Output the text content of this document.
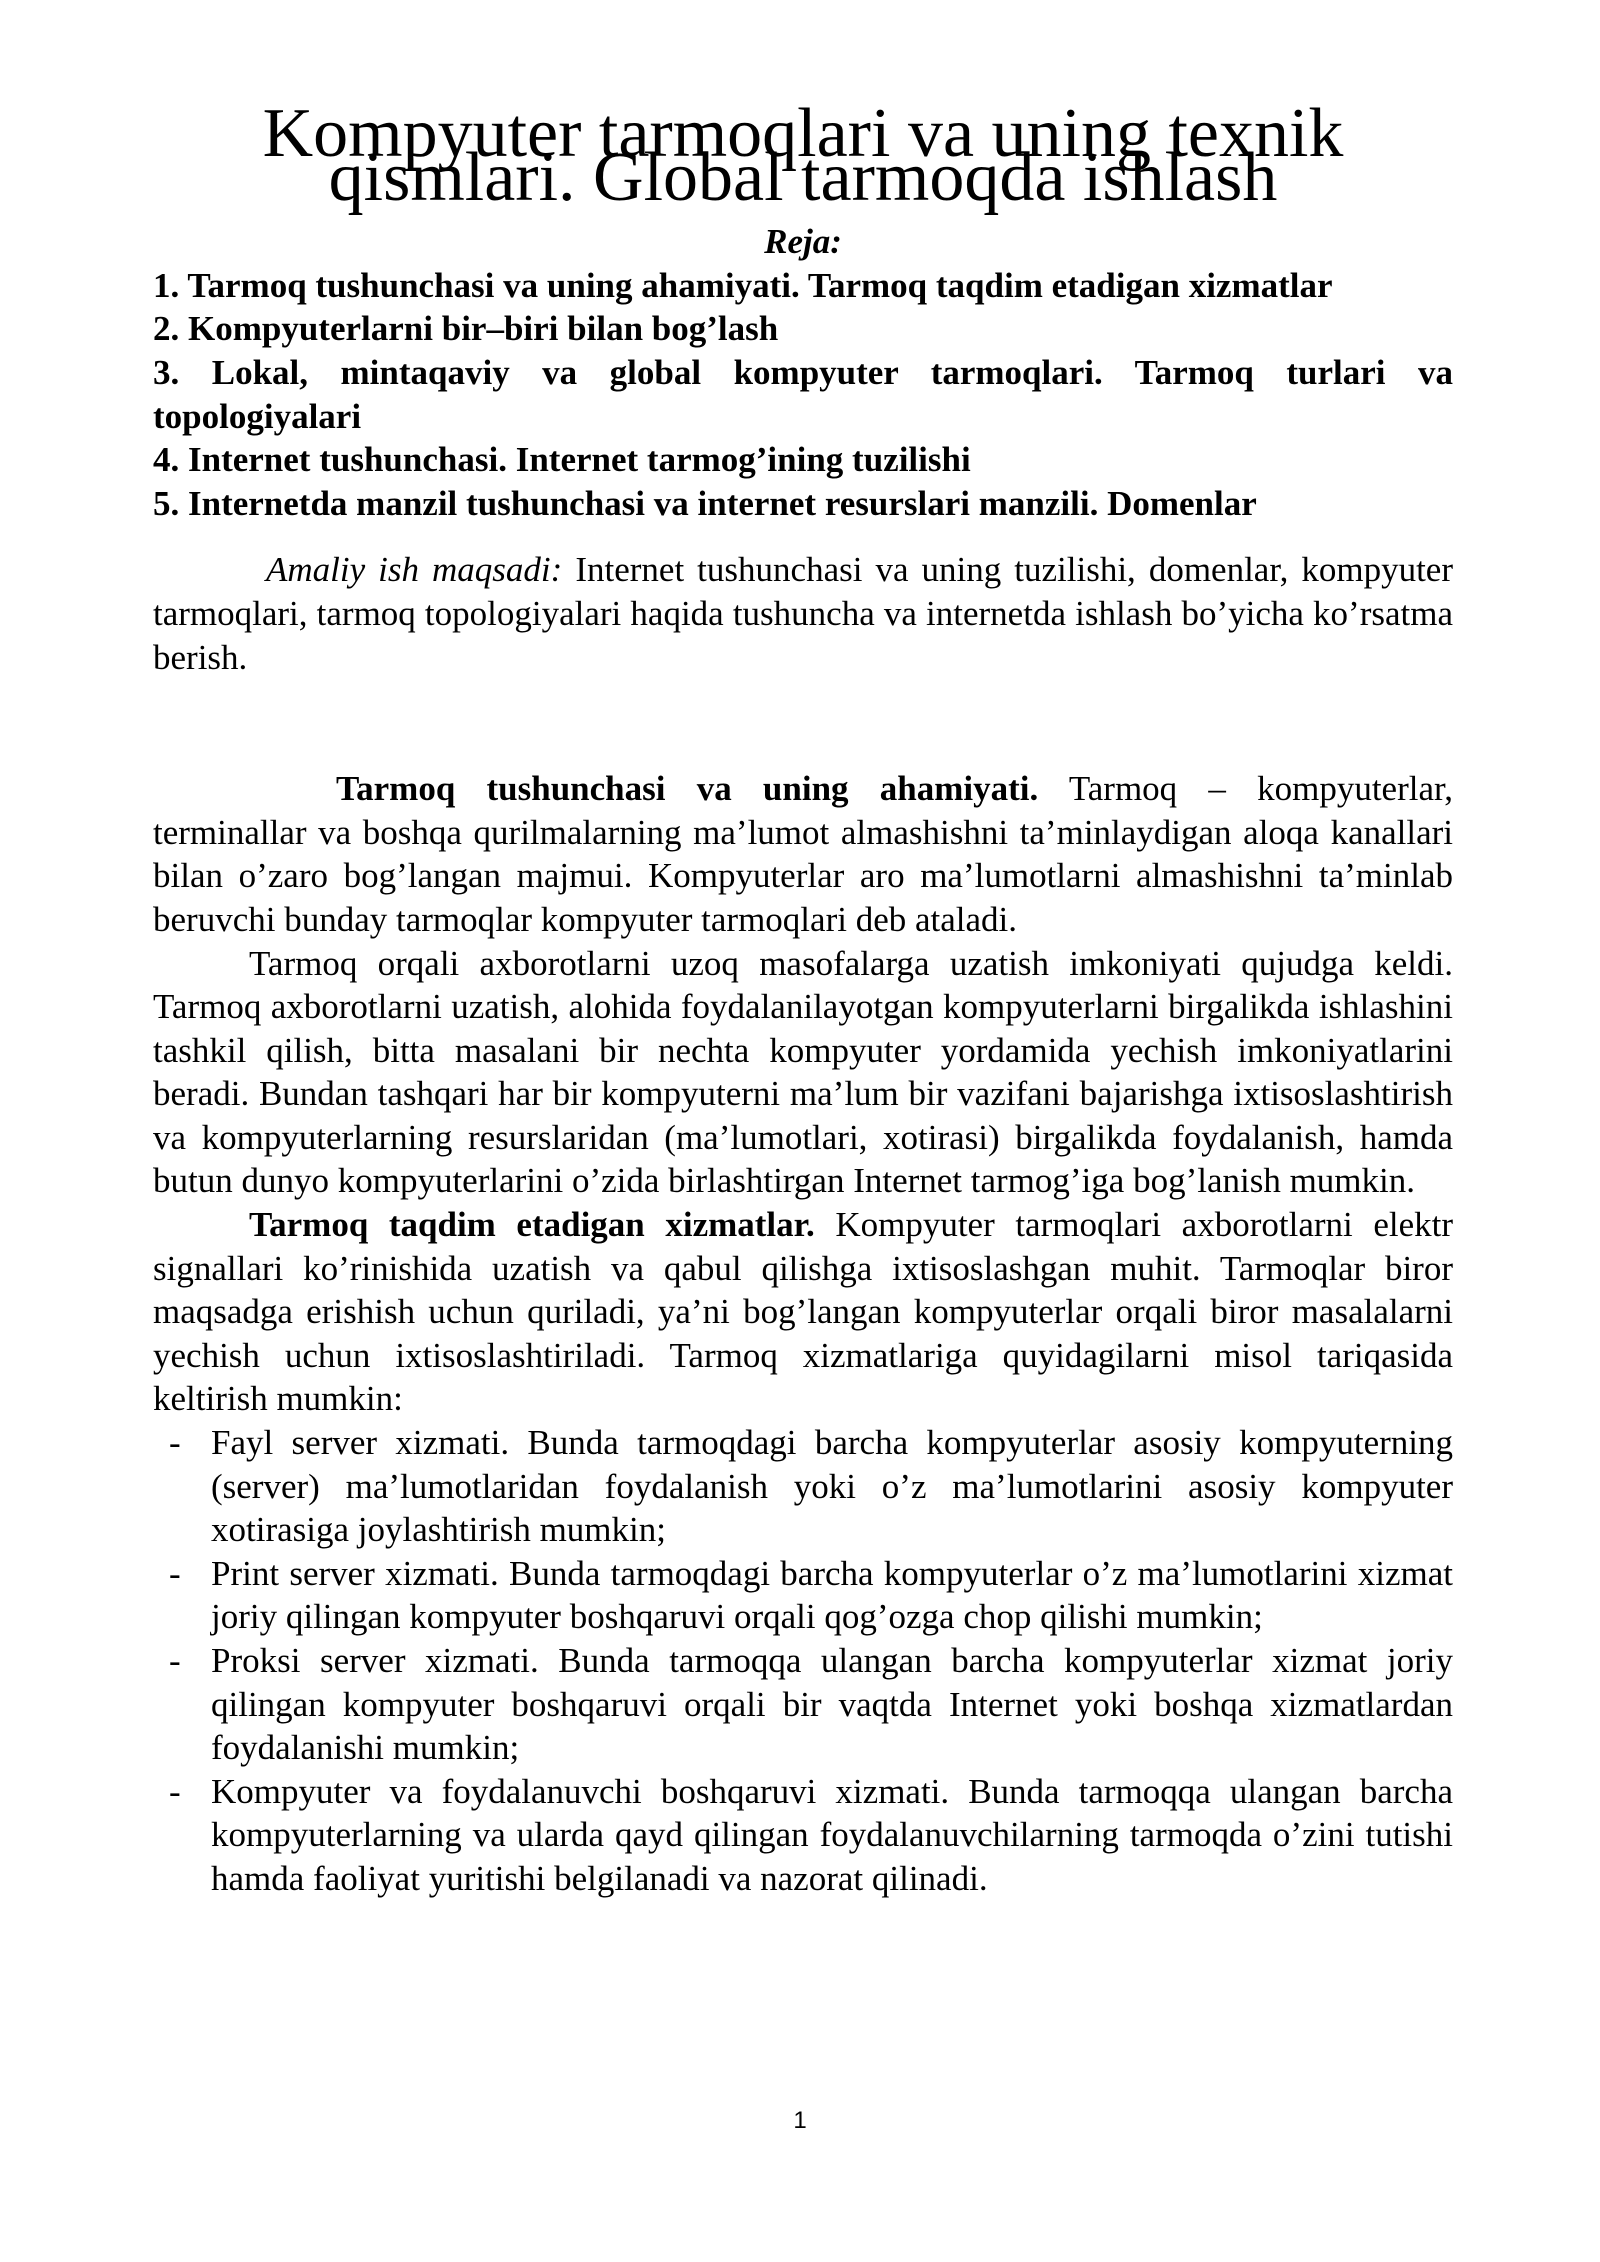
Kompyuter tarmoqlari va uning texnik qismlari. Global tarmoqda ishlash
Reja:
1. Tarmoq tushunchasi va uning ahamiyati. Tarmoq taqdim etadigan xizmatlar
2. Kompyuterlarni bir–biri bilan bog’lash
3. Lokal, mintaqaviy va global kompyuter tarmoqlari. Tarmoq turlari va topologiyalari
4. Internet tushunchasi. Internet tarmog’ining tuzilishi
5. Internetda manzil tushunchasi va internet resurslari manzili. Domenlar

Amaliy ish maqsadi: Internet tushunchasi va uning tuzilishi, domenlar, kompyuter tarmoqlari, tarmoq topologiyalari haqida tushuncha va internetda ishlash bo’yicha ko’rsatma berish.

Tarmoq tushunchasi va uning ahamiyati. Tarmoq – kompyuterlar, terminallar va boshqa qurilmalarning ma’lumot almashishni ta’minlaydigan aloqa kanallari bilan o’zaro bog’langan majmui. Kompyuterlar aro ma’lumotlarni almashishni ta’minlab beruvchi bunday tarmoqlar kompyuter tarmoqlari deb ataladi.

Tarmoq orqali axborotlarni uzoq masofalarga uzatish imkoniyati qujudga keldi. Tarmoq axborotlarni uzatish, alohida foydalanilayotgan kompyuterlarni birgalikda ishlashini tashkil qilish, bitta masalani bir nechta kompyuter yordamida yechish imkoniyatlarini beradi. Bundan tashqari har bir kompyuterni ma’lum bir vazifani bajarishga ixtisoslashtirish va kompyuterlarning resurslaridan (ma’lumotlari, xotirasi) birgalikda foydalanish, hamda butun dunyo kompyuterlarini o’zida birlashtirgan Internet tarmog’iga bog’lanish mumkin.

Tarmoq taqdim etadigan xizmatlar. Kompyuter tarmoqlari axborotlarni elektr signallari ko’rinishida uzatish va qabul qilishga ixtisoslashgan muhit. Tarmoqlar biror maqsadga erishish uchun quriladi, ya’ni bog’langan kompyuterlar orqali biror masalalarni yechish uchun ixtisoslashtiriladi. Tarmoq xizmatlariga quyidagilarni misol tariqasida keltirish mumkin:

- Fayl server xizmati. Bunda tarmoqdagi barcha kompyuterlar asosiy kompyuterning (server) ma’lumotlaridan foydalanish yoki o’z ma’lumotlarini asosiy kompyuter xotirasiga joylashtirish mumkin;
- Print server xizmati. Bunda tarmoqdagi barcha kompyuterlar o’z ma’lumotlarini xizmat joriy qilingan kompyuter boshqaruvi orqali qog’ozga chop qilishi mumkin;
- Proksi server xizmati. Bunda tarmoqqa ulangan barcha kompyuterlar xizmat joriy qilingan kompyuter boshqaruvi orqali bir vaqtda Internet yoki boshqa xizmatlardan foydalanishi mumkin;
- Kompyuter va foydalanuvchi boshqaruvi xizmati. Bunda tarmoqqa ulangan barcha kompyuterlarning va ularda qayd qilingan foydalanuvchilarning tarmoqda o’zini tutishi hamda faoliyat yuritishi belgilanadi va nazorat qilinadi.
1
